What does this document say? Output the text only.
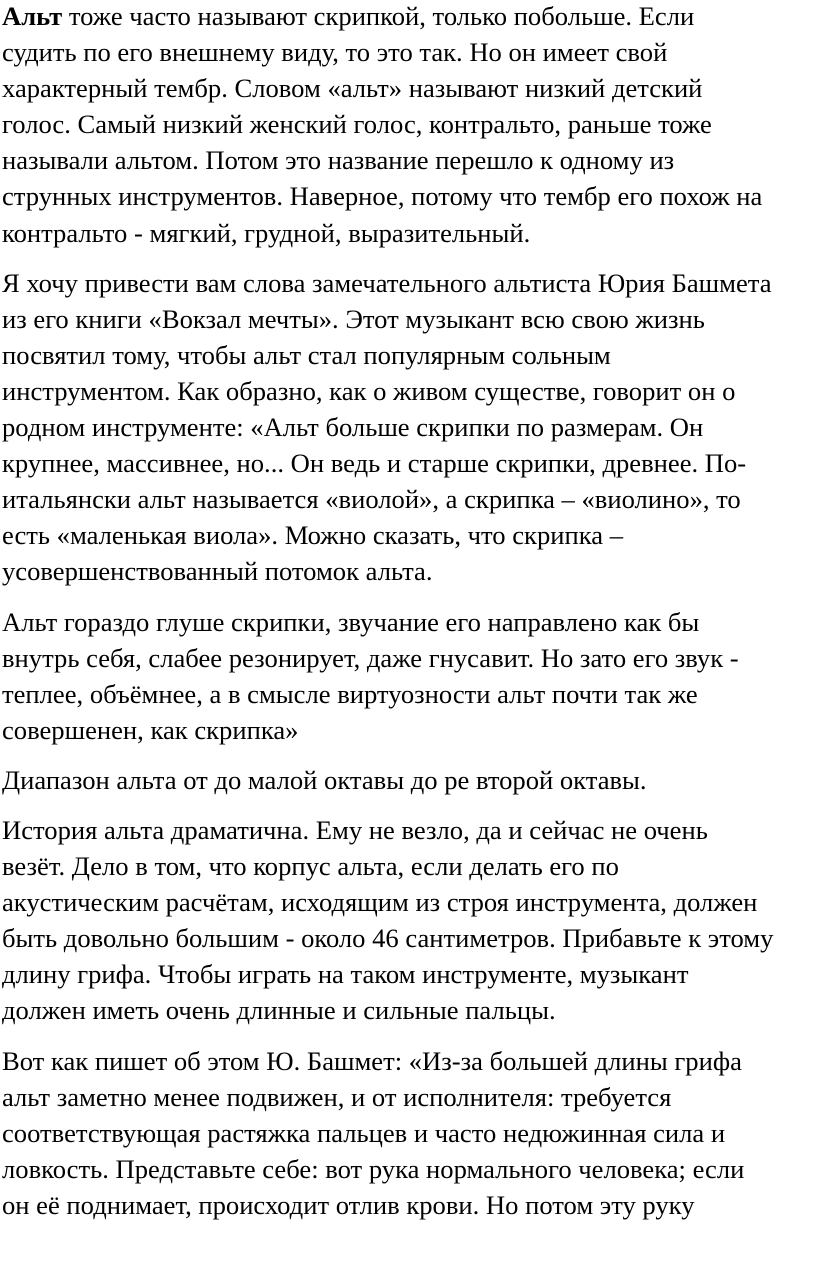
Альт тоже часто называют скрипкой, только побольше. Если
судить по его внешнему виду, то это так. Но он имеет свой
характерный тембр. Словом «альт» называют низкий детский
голос. Самый низкий женский голос, контральто, раньше тоже
называли альтом. Потом это название перешло к одному из
струнных инструментов. Наверное, потому что тембр его похож на
контральто - мягкий, грудной, выразительный.

Я хочу привести вам слова замечательного альтиста Юрия Башмета
из его книги «Вокзал мечты». Этот музыкант всю свою жизнь
посвятил тому, чтобы альт стал популярным сольным
инструментом. Как образно, как о живом существе, говорит он о
родном инструменте: «Альт больше скрипки по размерам. Он
крупнее, массивнее, но... Он ведь и старше скрипки, древнее. По-
итальянски альт называется «виолой», а скрипка – «виолино», то
есть «маленькая виола». Можно сказать, что скрипка –
усовершенствованный потомок альта.

Альт гораздо глуше скрипки, звучание его направлено как бы
внутрь себя, слабее резонирует, даже гнусавит. Но зато его звук -
теплее, объёмнее, а в смысле виртуозности альт почти так же
совершенен, как скрипка»

Диапазон альта от до малой октавы до ре второй октавы.

История альта драматична. Ему не везло, да и сейчас не очень
везёт. Дело в том, что корпус альта, если делать его по
акустическим расчётам, исходящим из строя инструмента, должен
быть довольно большим - около 46 сантиметров. Прибавьте к этому
длину грифа. Чтобы играть на таком инструменте, музыкант
должен иметь очень длинные и сильные пальцы.

Вот как пишет об этом Ю. Башмет: «Из-за большей длины грифа
альт заметно менее подвижен, и от исполнителя: требуется
соответствующая растяжка пальцев и часто недюжинная сила и
ловкость. Представьте себе: вот рука нормального человека; если
он её поднимает, происходит отлив крови. Но потом эту руку
